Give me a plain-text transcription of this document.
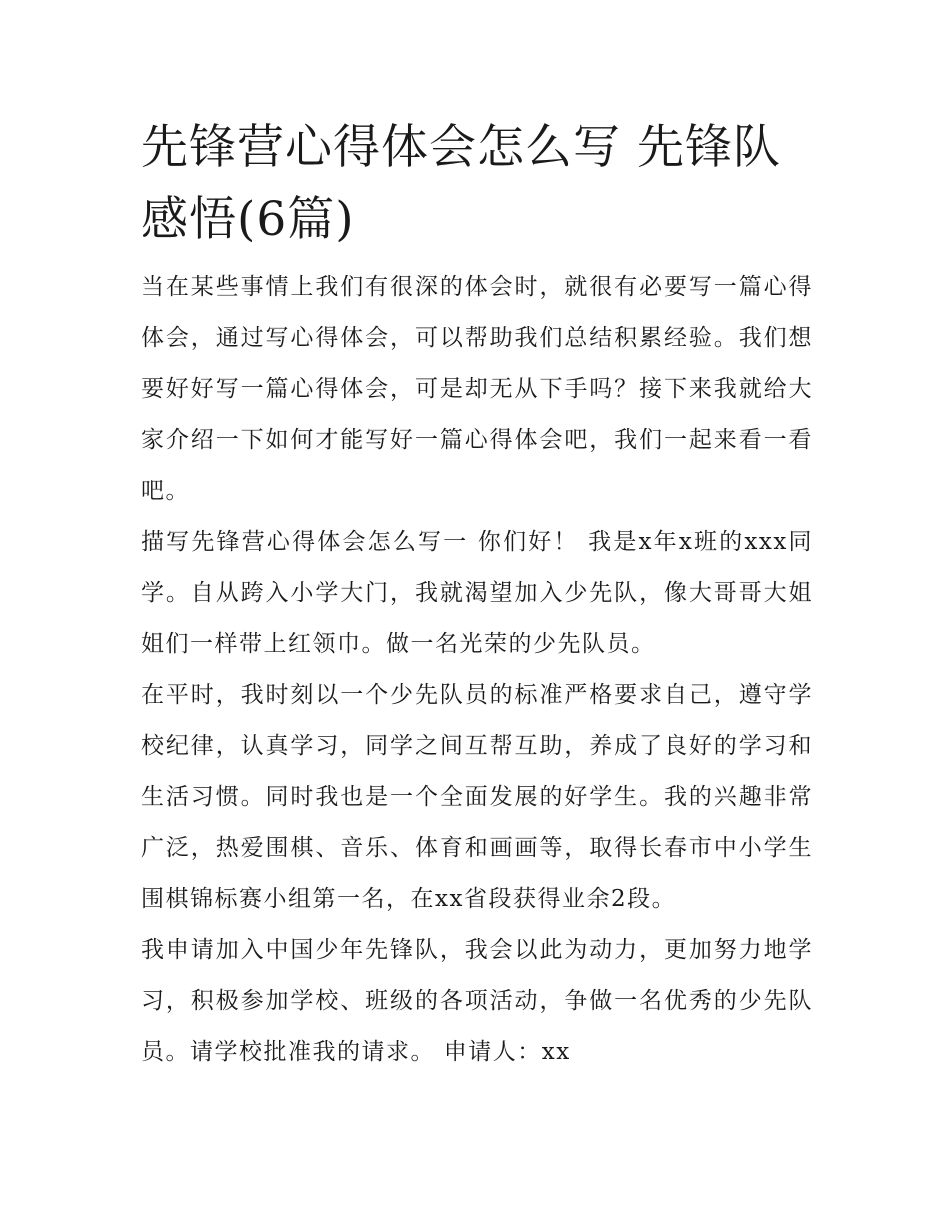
先锋营心得体会怎么写 先锋队感悟(6篇)

当在某些事情上我们有很深的体会时，就很有必要写一篇心得体会，通过写心得体会，可以帮助我们总结积累经验。我们想要好好写一篇心得体会，可是却无从下手吗？接下来我就给大家介绍一下如何才能写好一篇心得体会吧，我们一起来看一看吧。

描写先锋营心得体会怎么写一 你们好！ 我是x年x班的xxx同学。自从跨入小学大门，我就渴望加入少先队，像大哥哥大姐姐们一样带上红领巾。做一名光荣的少先队员。

在平时，我时刻以一个少先队员的标准严格要求自己，遵守学校纪律，认真学习，同学之间互帮互助，养成了良好的学习和生活习惯。同时我也是一个全面发展的好学生。我的兴趣非常广泛，热爱围棋、音乐、体育和画画等，取得长春市中小学生围棋锦标赛小组第一名，在xx省段获得业余2段。

我申请加入中国少年先锋队，我会以此为动力，更加努力地学习，积极参加学校、班级的各项活动，争做一名优秀的少先队员。请学校批准我的请求。 申请人：xx
